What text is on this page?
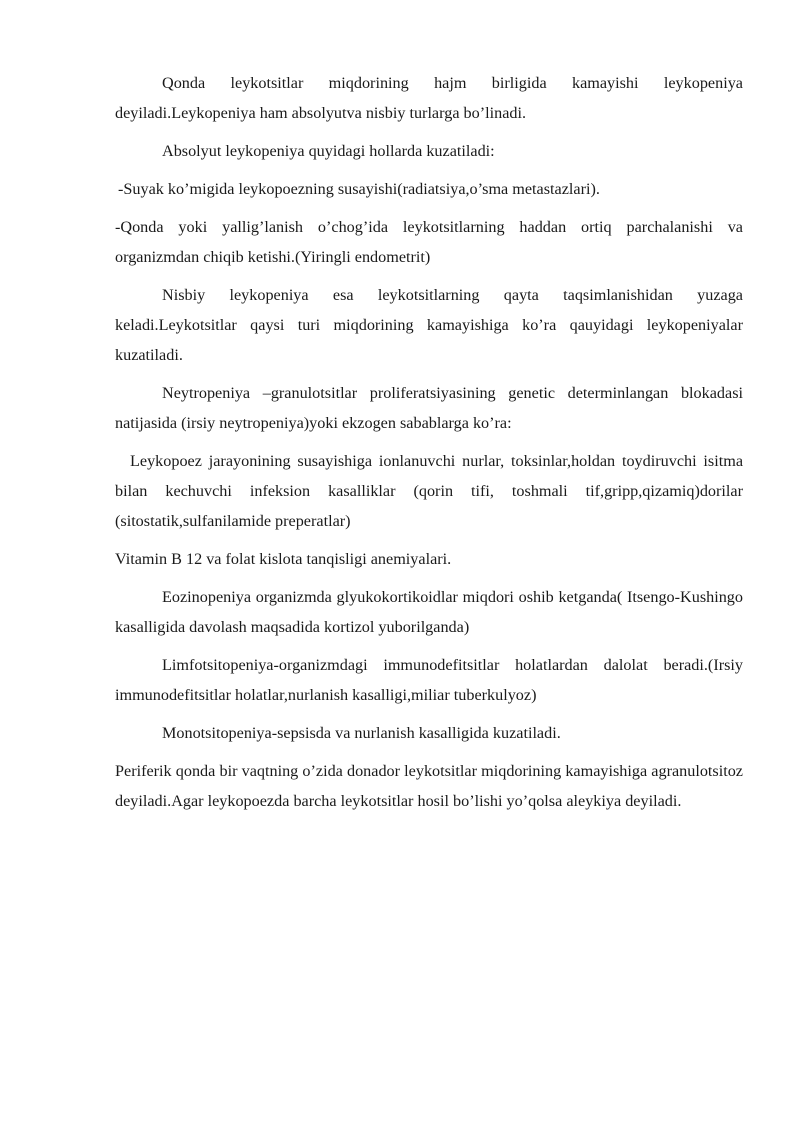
Qonda leykotsitlar miqdorining hajm birligida kamayishi leykopeniya deyiladi.Leykopeniya ham absolyutva nisbiy turlarga bo’linadi.

Absolyut leykopeniya quyidagi hollarda kuzatiladi:

-Suyak ko’migida leykopoezning susayishi(radiatsiya,o’sma metastazlari).

-Qonda yoki yallig’lanish o’chog’ida leykotsitlarning haddan ortiq parchalanishi va organizmdan chiqib ketishi.(Yiringli endometrit)

Nisbiy leykopeniya esa leykotsitlarning qayta taqsimlanishidan yuzaga keladi.Leykotsitlar qaysi turi miqdorining kamayishiga ko’ra qauyidagi leykopeniyalar kuzatiladi.

Neytropeniya –granulotsitlar proliferatsiyasining genetic determinlangan blokadasi natijasida (irsiy neytropeniya)yoki ekzogen sabablarga ko’ra:

Leykopoez jarayonining susayishiga ionlanuvchi nurlar, toksinlar,holdan toydiruvchi isitma bilan kechuvchi infeksion kasalliklar (qorin tifi, toshmali tif,gripp,qizamiq)dorilar (sitostatik,sulfanilamide preperatlar)

Vitamin B 12 va folat kislota tanqisligi anemiyalari.

Eozinopeniya organizmda glyukokortikoidlar miqdori oshib ketganda( Itsengo-Kushingo kasalligida davolash maqsadida kortizol yuborilganda)

Limfotsitopeniya-organizmdagi immunodefitsitlar holatlardan dalolat beradi.(Irsiy immunodefitsitlar holatlar,nurlanish kasalligi,miliar tuberkulyoz)

Monotsitopeniya-sepsisda va nurlanish kasalligida kuzatiladi.

Periferik qonda bir vaqtning o’zida donador leykotsitlar miqdorining kamayishiga agranulotsitoz deyiladi.Agar leykopoezda barcha leykotsitlar hosil bo’lishi yo’qolsa aleykiya deyiladi.
